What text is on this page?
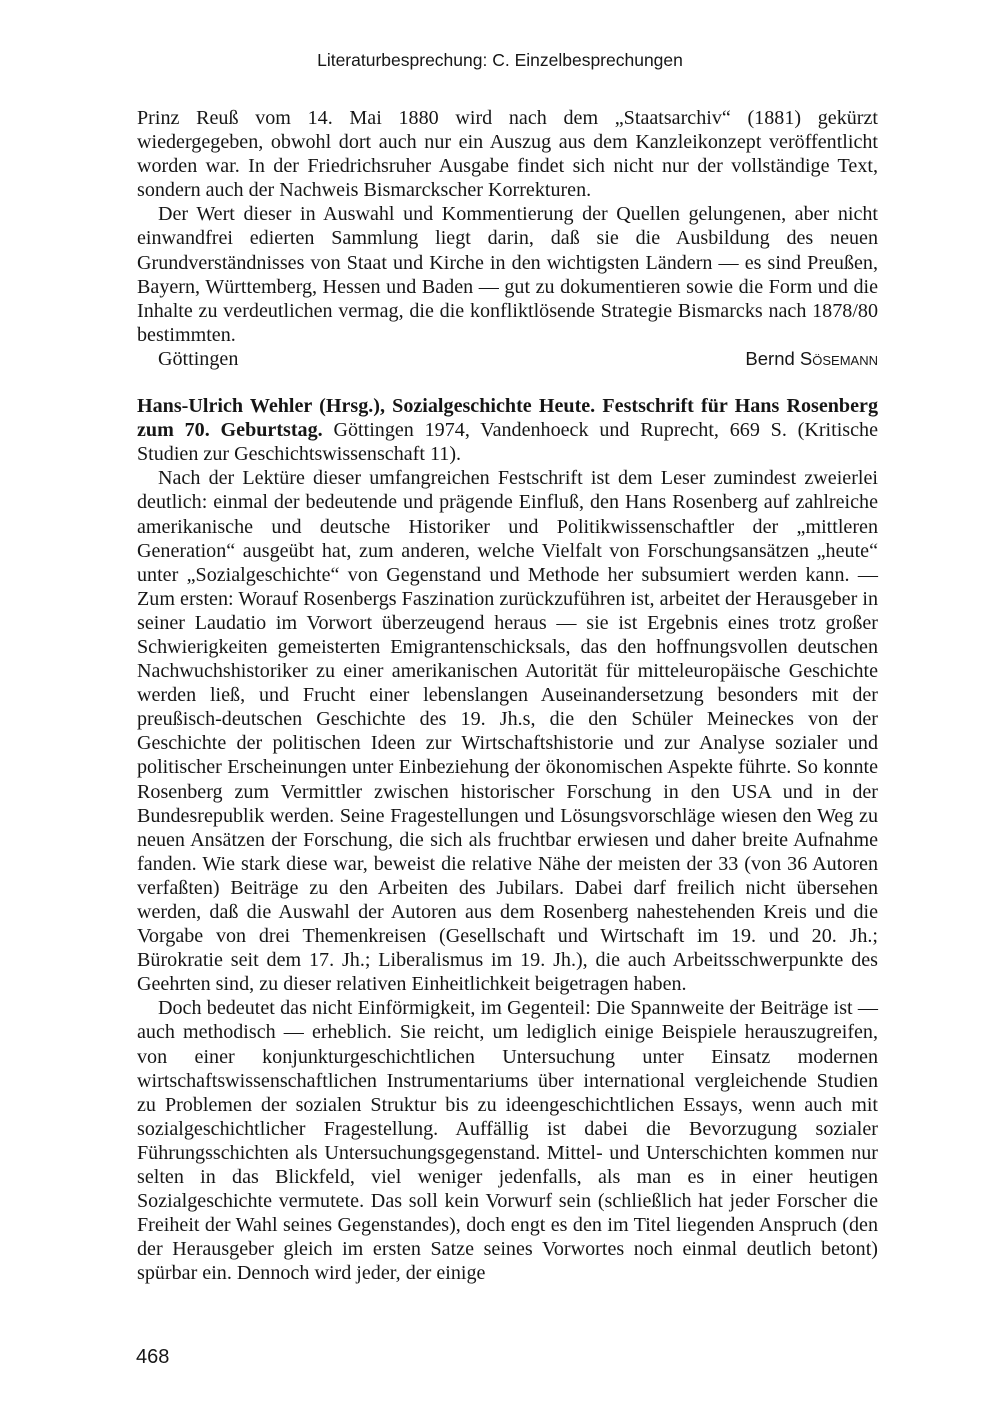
Literaturbesprechung: C. Einzelbesprechungen

Prinz Reuß vom 14. Mai 1880 wird nach dem „Staatsarchiv“ (1881) gekürzt wiedergegeben, obwohl dort auch nur ein Auszug aus dem Kanzleikonzept veröffentlicht worden war. In der Friedrichsruher Ausgabe findet sich nicht nur der vollständige Text, sondern auch der Nachweis Bismarckscher Korrekturen.

Der Wert dieser in Auswahl und Kommentierung der Quellen gelungenen, aber nicht einwandfrei edierten Sammlung liegt darin, daß sie die Ausbildung des neuen Grundverständnisses von Staat und Kirche in den wichtigsten Ländern — es sind Preußen, Bayern, Württemberg, Hessen und Baden — gut zu dokumentieren sowie die Form und die Inhalte zu verdeutlichen vermag, die die konfliktlösende Strategie Bismarcks nach 1878/80 bestimmten.

Göttingen	Bernd Sösemann

Hans-Ulrich Wehler (Hrsg.), Sozialgeschichte Heute. Festschrift für Hans Rosenberg zum 70. Geburtstag. Göttingen 1974, Vandenhoeck und Ruprecht, 669 S. (Kritische Studien zur Geschichtswissenschaft 11).

Nach der Lektüre dieser umfangreichen Festschrift ist dem Leser zumindest zweierlei deutlich: einmal der bedeutende und prägende Einfluß, den Hans Rosenberg auf zahlreiche amerikanische und deutsche Historiker und Politikwissenschaftler der „mittleren Generation“ ausgeübt hat, zum anderen, welche Vielfalt von Forschungsansätzen „heute“ unter „Sozialgeschichte“ von Gegenstand und Methode her subsumiert werden kann. — Zum ersten: Worauf Rosenbergs Faszination zurückzuführen ist, arbeitet der Herausgeber in seiner Laudatio im Vorwort überzeugend heraus — sie ist Ergebnis eines trotz großer Schwierigkeiten gemeisterten Emigrantenschicksals, das den hoffnungsvollen deutschen Nachwuchshistoriker zu einer amerikanischen Autorität für mitteleuropäische Geschichte werden ließ, und Frucht einer lebenslangen Auseinandersetzung besonders mit der preußisch-deutschen Geschichte des 19. Jh.s, die den Schüler Meineckes von der Geschichte der politischen Ideen zur Wirtschaftshistorie und zur Analyse sozialer und politischer Erscheinungen unter Einbeziehung der ökonomischen Aspekte führte. So konnte Rosenberg zum Vermittler zwischen historischer Forschung in den USA und in der Bundesrepublik werden. Seine Fragestellungen und Lösungsvorschläge wiesen den Weg zu neuen Ansätzen der Forschung, die sich als fruchtbar erwiesen und daher breite Aufnahme fanden. Wie stark diese war, beweist die relative Nähe der meisten der 33 (von 36 Autoren verfaßten) Beiträge zu den Arbeiten des Jubilars. Dabei darf freilich nicht übersehen werden, daß die Auswahl der Autoren aus dem Rosenberg nahestehenden Kreis und die Vorgabe von drei Themenkreisen (Gesellschaft und Wirtschaft im 19. und 20. Jh.; Bürokratie seit dem 17. Jh.; Liberalismus im 19. Jh.), die auch Arbeitsschwerpunkte des Geehrten sind, zu dieser relativen Einheitlichkeit beigetragen haben.

Doch bedeutet das nicht Einförmigkeit, im Gegenteil: Die Spannweite der Beiträge ist — auch methodisch — erheblich. Sie reicht, um lediglich einige Beispiele herauszugreifen, von einer konjunkturgeschichtlichen Untersuchung unter Einsatz modernen wirtschaftswissenschaftlichen Instrumentariums über international vergleichende Studien zu Problemen der sozialen Struktur bis zu ideengeschichtlichen Essays, wenn auch mit sozialgeschichtlicher Fragestellung. Auffällig ist dabei die Bevorzugung sozialer Führungsschichten als Untersuchungsgegenstand. Mittel- und Unterschichten kommen nur selten in das Blickfeld, viel weniger jedenfalls, als man es in einer heutigen Sozialgeschichte vermutete. Das soll kein Vorwurf sein (schließlich hat jeder Forscher die Freiheit der Wahl seines Gegenstandes), doch engt es den im Titel liegenden Anspruch (den der Herausgeber gleich im ersten Satze seines Vorwortes noch einmal deutlich betont) spürbar ein. Dennoch wird jeder, der einige

468
